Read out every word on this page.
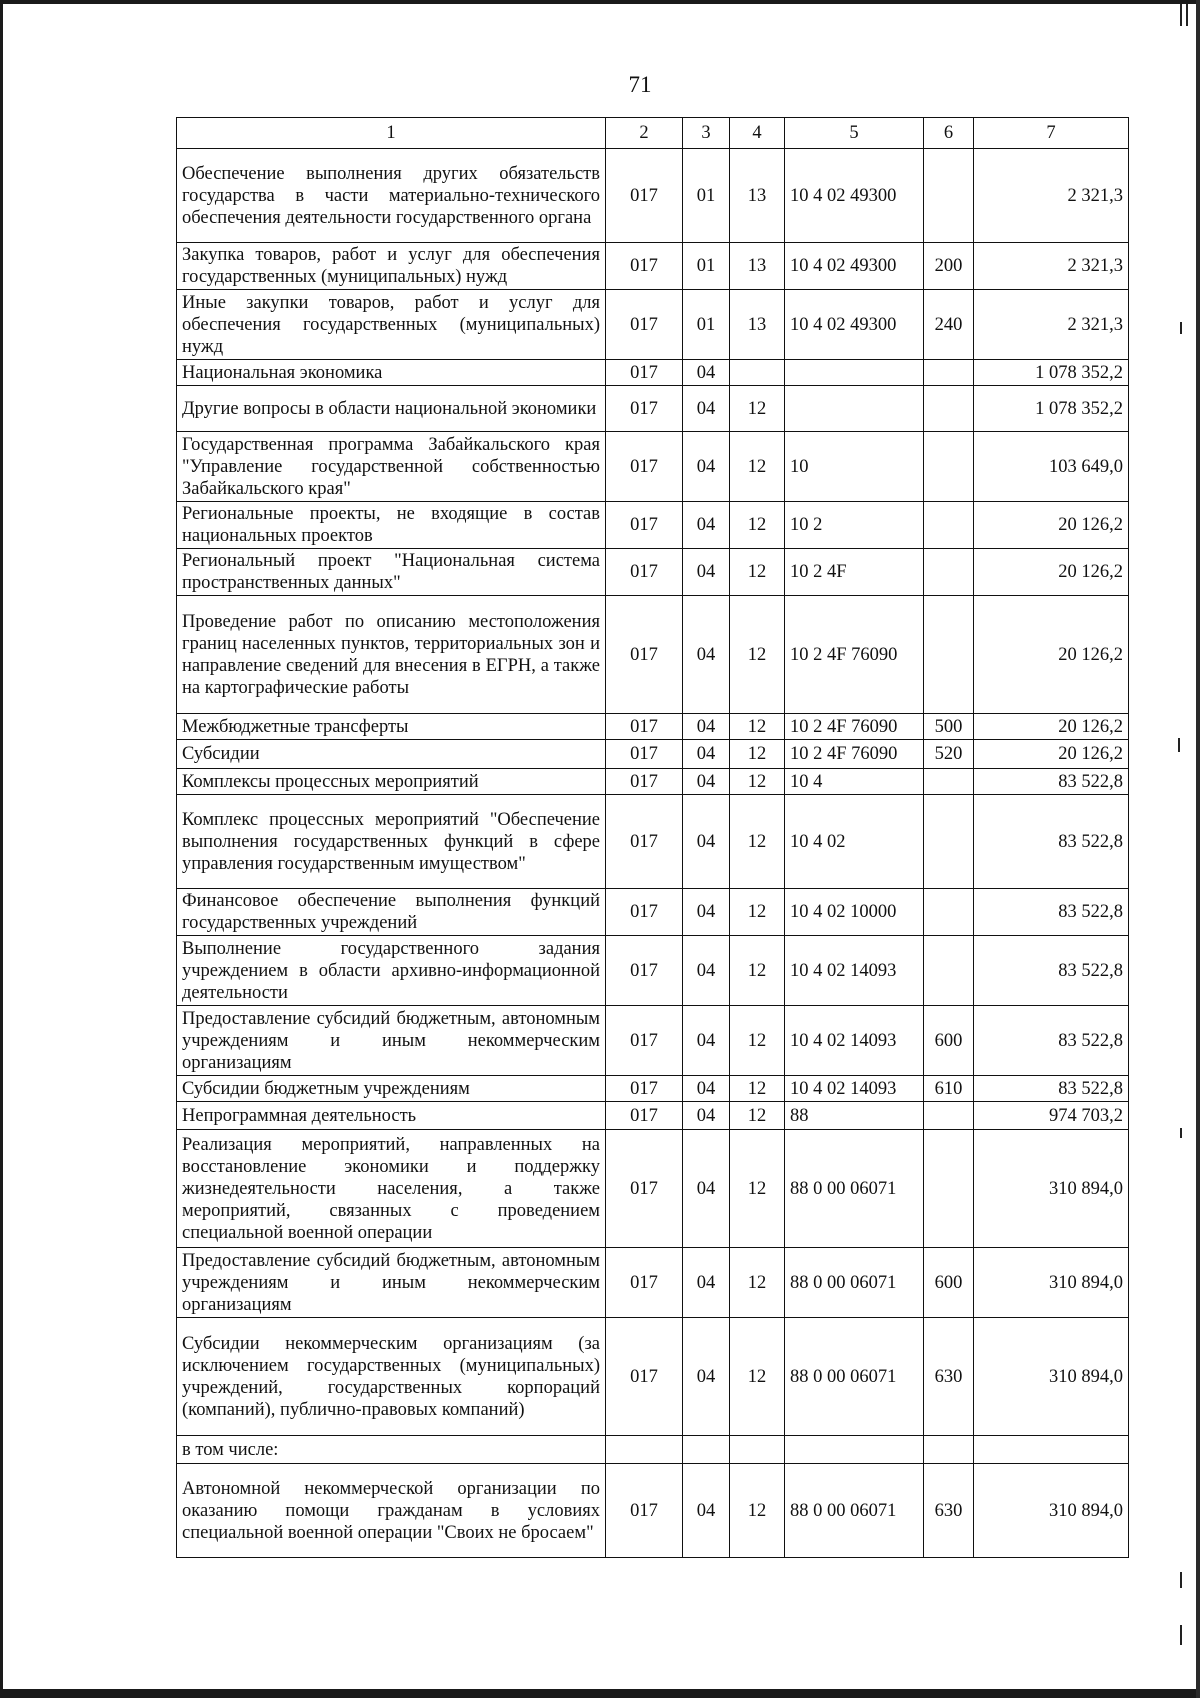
71
1	2	3	4	5	6	7
Обеспечение выполнения других обязательств государства в части материально-технического обеспечения деятельности государственного органа	017	01	13	10 4 02 49300		2 321,3
Закупка товаров, работ и услуг для обеспечения государственных (муниципальных) нужд	017	01	13	10 4 02 49300	200	2 321,3
Иные закупки товаров, работ и услуг для обеспечения государственных (муниципальных) нужд	017	01	13	10 4 02 49300	240	2 321,3
Национальная экономика	017	04				1 078 352,2
Другие вопросы в области национальной экономики	017	04	12			1 078 352,2
Государственная программа Забайкальского края "Управление государственной собственностью Забайкальского края"	017	04	12	10		103 649,0
Региональные проекты, не входящие в состав национальных проектов	017	04	12	10 2		20 126,2
Региональный проект "Национальная система пространственных данных"	017	04	12	10 2 4F		20 126,2
Проведение работ по описанию местоположения границ населенных пунктов, территориальных зон и направление сведений для внесения в ЕГРН, а также на картографические работы	017	04	12	10 2 4F 76090		20 126,2
Межбюджетные трансферты	017	04	12	10 2 4F 76090	500	20 126,2
Субсидии	017	04	12	10 2 4F 76090	520	20 126,2
Комплексы процессных мероприятий	017	04	12	10 4		83 522,8
Комплекс процессных мероприятий "Обеспечение выполнения государственных функций в сфере управления государственным имуществом"	017	04	12	10 4 02		83 522,8
Финансовое обеспечение выполнения функций государственных учреждений	017	04	12	10 4 02 10000		83 522,8
Выполнение государственного задания учреждением в области архивно-информационной деятельности	017	04	12	10 4 02 14093		83 522,8
Предоставление субсидий бюджетным, автономным учреждениям и иным некоммерческим организациям	017	04	12	10 4 02 14093	600	83 522,8
Субсидии бюджетным учреждениям	017	04	12	10 4 02 14093	610	83 522,8
Непрограммная деятельность	017	04	12	88		974 703,2
Реализация мероприятий, направленных на восстановление экономики и поддержку жизнедеятельности населения, а также мероприятий, связанных с проведением специальной военной операции	017	04	12	88 0 00 06071		310 894,0
Предоставление субсидий бюджетным, автономным учреждениям и иным некоммерческим организациям	017	04	12	88 0 00 06071	600	310 894,0
Субсидии некоммерческим организациям (за исключением государственных (муниципальных) учреждений, государственных корпораций (компаний), публично-правовых компаний)	017	04	12	88 0 00 06071	630	310 894,0
в том числе:						
Автономной некоммерческой организации по оказанию помощи гражданам в условиях специальной военной операции "Своих не бросаем"	017	04	12	88 0 00 06071	630	310 894,0
